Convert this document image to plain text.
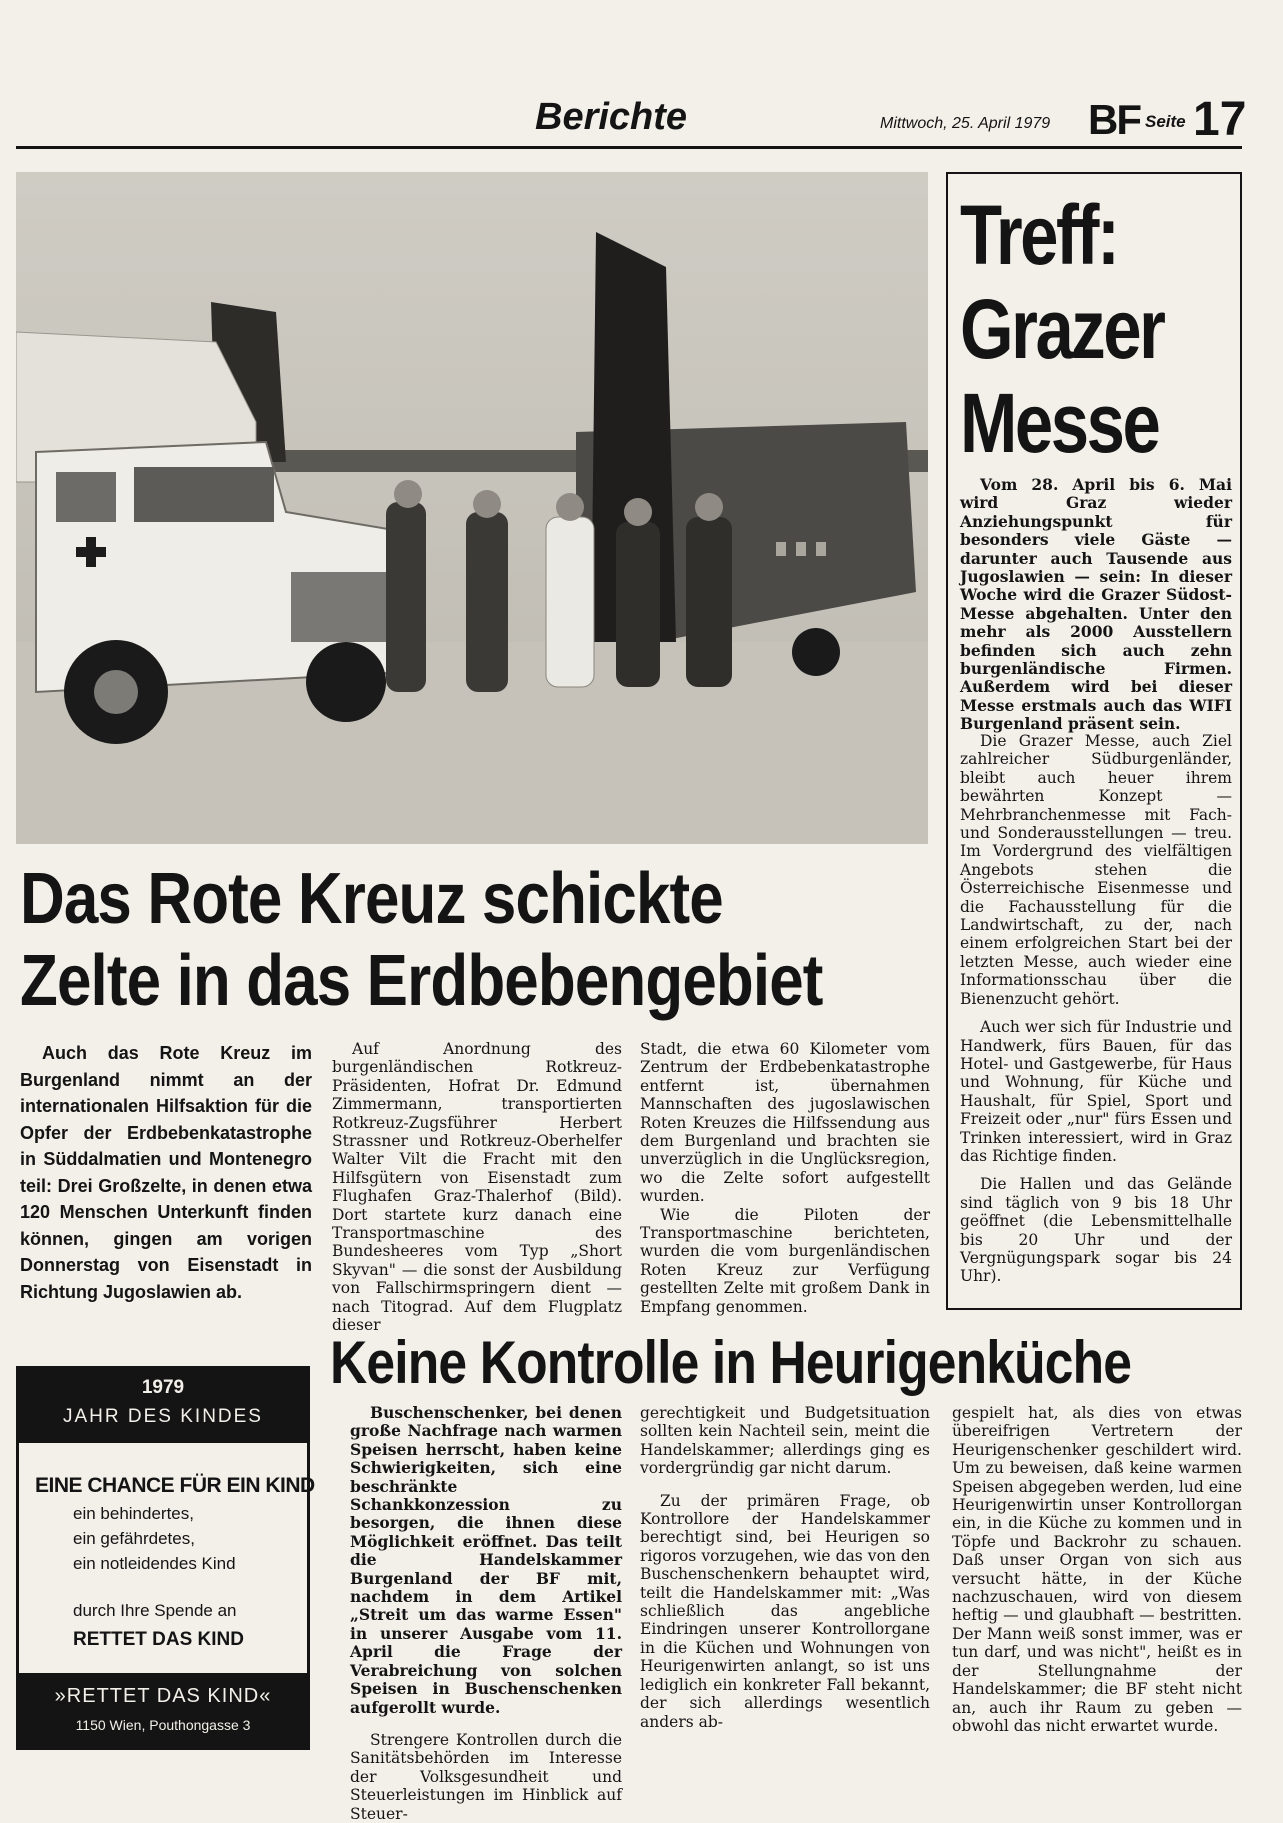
Berichte	Mittwoch, 25. April 1979 BF Seite 17
Das Rote Kreuz schickte
Zelte in das Erdbebengebiet

Auch das Rote Kreuz im Burgenland nimmt an der internationalen Hilfsaktion für die Opfer der Erdbebenkatastrophe in Süddalmatien und Montenegro teil: Drei Großzelte, in denen etwa 120 Menschen Unterkunft finden können, gingen am vorigen Donnerstag von Eisenstadt in Richtung Jugoslawien ab.

Auf Anordnung des burgenländischen Rotkreuz-Präsidenten, Hofrat Dr. Edmund Zimmermann, transportierten Rotkreuz-Zugsführer Herbert Strassner und Rotkreuz-Oberhelfer Walter Vilt die Fracht mit den Hilfsgütern von Eisenstadt zum Flughafen Graz-Thalerhof (Bild). Dort startete kurz danach eine Transportmaschine des Bundesheeres vom Typ „Short Skyvan" — die sonst der Ausbildung von Fallschirmspringern dient — nach Titograd. Auf dem Flugplatz dieser

Stadt, die etwa 60 Kilometer vom Zentrum der Erdbebenkatastrophe entfernt ist, übernahmen Mannschaften des jugoslawischen Roten Kreuzes die Hilfssendung aus dem Burgenland und brachten sie unverzüglich in die Unglücksregion, wo die Zelte sofort aufgestellt wurden.

Wie die Piloten der Transportmaschine berichteten, wurden die vom burgenländischen Roten Kreuz zur Verfügung gestellten Zelte mit großem Dank in Empfang genommen.

Treff:
Grazer
Messe

Vom 28. April bis 6. Mai wird Graz wieder Anziehungspunkt für besonders viele Gäste — darunter auch Tausende aus Jugoslawien — sein: In dieser Woche wird die Grazer Südost-Messe abgehalten. Unter den mehr als 2000 Ausstellern befinden sich auch zehn burgenländische Firmen. Außerdem wird bei dieser Messe erstmals auch das WIFI Burgenland präsent sein.

Die Grazer Messe, auch Ziel zahlreicher Südburgenländer, bleibt auch heuer ihrem bewährten Konzept — Mehrbranchenmesse mit Fach- und Sonderausstellungen — treu. Im Vordergrund des vielfältigen Angebots stehen die Österreichische Eisenmesse und die Fachausstellung für die Landwirtschaft, zu der, nach einem erfolgreichen Start bei der letzten Messe, auch wieder eine Informationsschau über die Bienenzucht gehört.

Auch wer sich für Industrie und Handwerk, fürs Bauen, für das Hotel- und Gastgewerbe, für Haus und Wohnung, für Küche und Haushalt, für Spiel, Sport und Freizeit oder „nur" fürs Essen und Trinken interessiert, wird in Graz das Richtige finden.

Die Hallen und das Gelände sind täglich von 9 bis 18 Uhr geöffnet (die Lebensmittelhalle bis 20 Uhr und der Vergnügungspark sogar bis 24 Uhr).

1979
JAHR DES KINDES
EINE CHANCE FÜR EIN KIND
ein behindertes,
ein gefährdetes,
ein notleidendes Kind
durch Ihre Spende an
RETTET DAS KIND
»RETTET DAS KIND«
1150 Wien, Pouthongasse 3
Keine Kontrolle in Heurigenküche

Buschenschenker, bei denen große Nachfrage nach warmen Speisen herrscht, haben keine Schwierigkeiten, sich eine beschränkte Schankkonzession zu besorgen, die ihnen diese Möglichkeit eröffnet. Das teilt die Handelskammer Burgenland der BF mit, nachdem in dem Artikel „Streit um das warme Essen" in unserer Ausgabe vom 11. April die Frage der Verabreichung von solchen Speisen in Buschenschenken aufgerollt wurde.

Strengere Kontrollen durch die Sanitätsbehörden im Interesse der Volksgesundheit und Steuerleistungen im Hinblick auf Steuer-

gerechtigkeit und Budgetsituation sollten kein Nachteil sein, meint die Handelskammer; allerdings ging es vordergründig gar nicht darum.

Zu der primären Frage, ob Kontrollore der Handelskammer berechtigt sind, bei Heurigen so rigoros vorzugehen, wie das von den Buschenschenkern behauptet wird, teilt die Handelskammer mit: „Was schließlich das angebliche Eindringen unserer Kontrollorgane in die Küchen und Wohnungen von Heurigenwirten anlangt, so ist uns lediglich ein konkreter Fall bekannt, der sich allerdings wesentlich anders ab-

gespielt hat, als dies von etwas übereifrigen Vertretern der Heurigenschenker geschildert wird. Um zu beweisen, daß keine warmen Speisen abgegeben werden, lud eine Heurigenwirtin unser Kontrollorgan ein, in die Küche zu kommen und in Töpfe und Backrohr zu schauen. Daß unser Organ von sich aus versucht hätte, in der Küche nachzuschauen, wird von diesem heftig — und glaubhaft — bestritten. Der Mann weiß sonst immer, was er tun darf, und was nicht", heißt es in der Stellungnahme der Handelskammer; die BF steht nicht an, auch ihr Raum zu geben — obwohl das nicht erwartet wurde.
